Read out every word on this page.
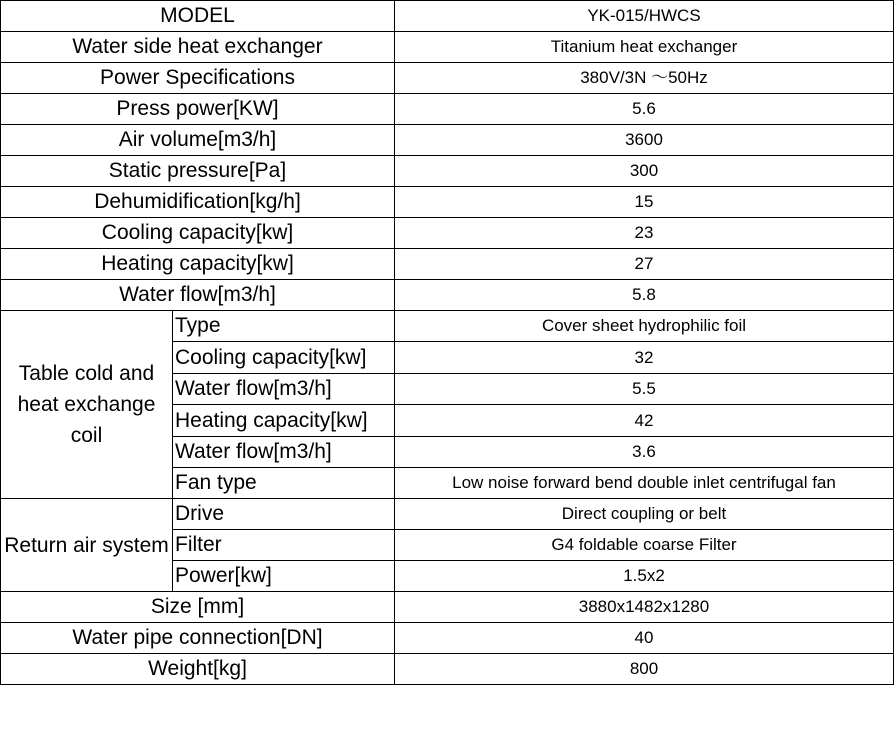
MODEL		YK-015/HWCS
Water side heat exchanger		Titanium heat exchanger
Power Specifications		380V/3N ～50Hz
Press power[KW]		5.6
Air volume[m3/h]		3600
Static pressure[Pa]		300
Dehumidification[kg/h]		15
Cooling capacity[kw]		23
Heating capacity[kw]		27
Water flow[m3/h]		5.8
Table cold and heat exchange coil	Type	Cover sheet hydrophilic foil
	Cooling capacity[kw]	32
	Water flow[m3/h]	5.5
	Heating capacity[kw]	42
	Water flow[m3/h]	3.6
	Fan type	Low noise forward bend double inlet centrifugal fan
Return air system	Drive	Direct coupling or belt
	Filter	G4 foldable coarse Filter
	Power[kw]	1.5x2
Size [mm]		3880x1482x1280
Water pipe connection[DN]		40
Weight[kg]		800
